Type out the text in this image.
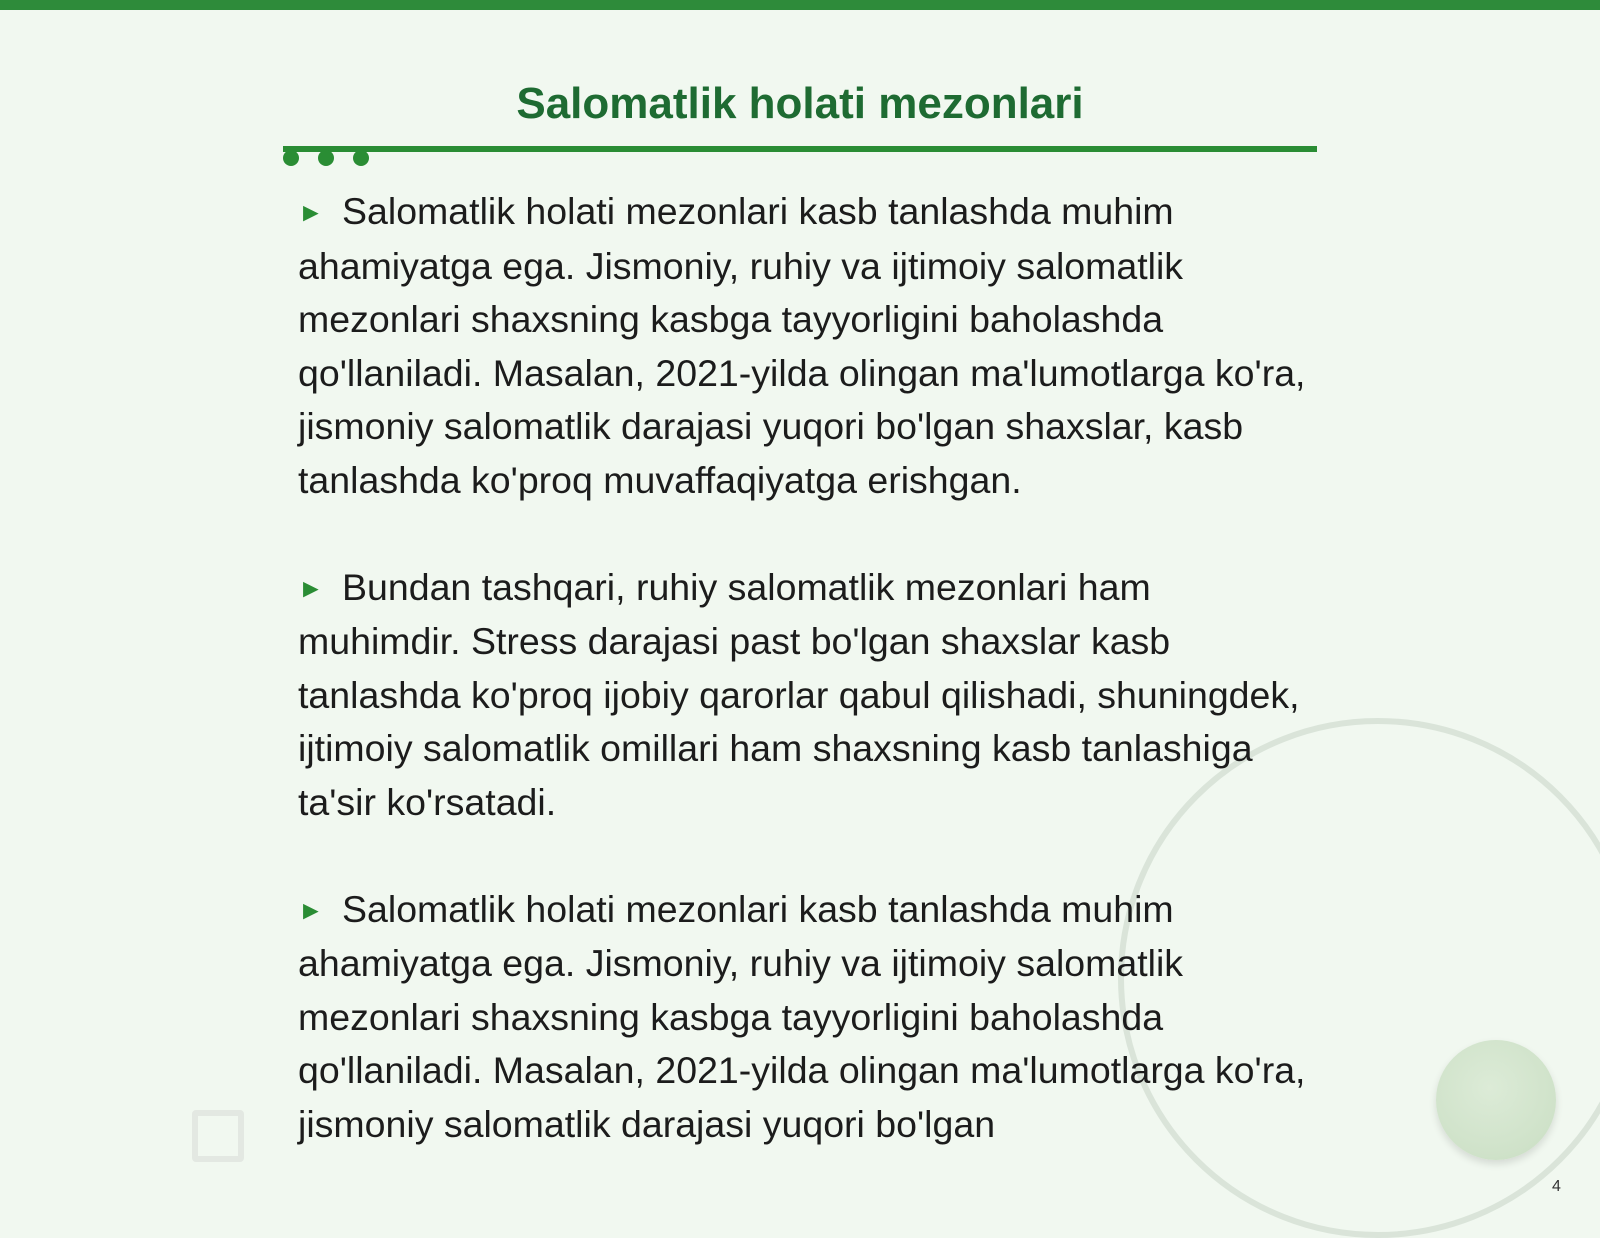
Salomatlik holati mezonlari

► Salomatlik holati mezonlari kasb tanlashda muhim ahamiyatga ega. Jismoniy, ruhiy va ijtimoiy salomatlik mezonlari shaxsning kasbga tayyorligini baholashda qo'llaniladi. Masalan, 2021-yilda olingan ma'lumotlarga ko'ra, jismoniy salomatlik darajasi yuqori bo'lgan shaxslar, kasb tanlashda ko'proq muvaffaqiyatga erishgan.

► Bundan tashqari, ruhiy salomatlik mezonlari ham muhimdir. Stress darajasi past bo'lgan shaxslar kasb tanlashda ko'proq ijobiy qarorlar qabul qilishadi, shuningdek, ijtimoiy salomatlik omillari ham shaxsning kasb tanlashiga ta'sir ko'rsatadi.

► Salomatlik holati mezonlari kasb tanlashda muhim ahamiyatga ega. Jismoniy, ruhiy va ijtimoiy salomatlik mezonlari shaxsning kasbga tayyorligini baholashda qo'llaniladi. Masalan, 2021-yilda olingan ma'lumotlarga ko'ra, jismoniy salomatlik darajasi yuqori bo'lgan

4
